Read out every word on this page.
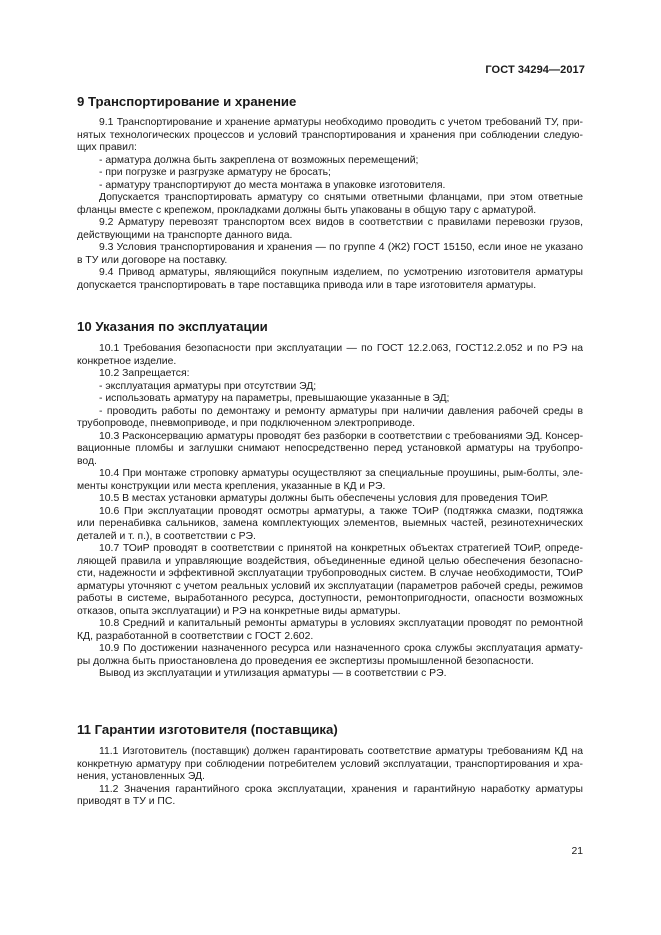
ГОСТ 34294—2017
9 Транспортирование и хранение
9.1 Транспортирование и хранение арматуры необходимо проводить с учетом требований ТУ, при-
нятых технологических процессов и условий транспортирования и хранения при соблюдении следую-
щих правил:
- арматура должна быть закреплена от возможных перемещений;
- при погрузке и разгрузке арматуру не бросать;
- арматуру транспортируют до места монтажа в упаковке изготовителя.
Допускается транспортировать арматуру со снятыми ответными фланцами, при этом ответные
фланцы вместе с крепежом, прокладками должны быть упакованы в общую тару с арматурой.
9.2 Арматуру перевозят транспортом всех видов в соответствии с правилами перевозки грузов,
действующими на транспорте данного вида.
9.3 Условия транспортирования и хранения — по группе 4 (Ж2) ГОСТ 15150, если иное не указано
в ТУ или договоре на поставку.
9.4 Привод арматуры, являющийся покупным изделием, по усмотрению изготовителя арматуры
допускается транспортировать в таре поставщика привода или в таре изготовителя арматуры.
10 Указания по эксплуатации
10.1 Требования безопасности при эксплуатации — по ГОСТ 12.2.063, ГОСТ12.2.052 и по РЭ на
конкретное изделие.
10.2 Запрещается:
- эксплуатация арматуры при отсутствии ЭД;
- использовать арматуру на параметры, превышающие указанные в ЭД;
- проводить работы по демонтажу и ремонту арматуры при наличии давления рабочей среды в
трубопроводе, пневмоприводе, и при подключенном электроприводе.
10.3 Расконсервацию арматуры проводят без разборки в соответствии с требованиями ЭД. Консер-
вационные пломбы и заглушки снимают непосредственно перед установкой арматуры на трубопро-
вод.
10.4 При монтаже строповку арматуры осуществляют за специальные проушины, рым-болты, эле-
менты конструкции или места крепления, указанные в КД и РЭ.
10.5 В местах установки арматуры должны быть обеспечены условия для проведения ТОиР.
10.6 При эксплуатации проводят осмотры арматуры, а также ТОиР (подтяжка смазки, подтяжка
или перенабивка сальников, замена комплектующих элементов, выемных частей, резинотехнических
деталей и т. п.), в соответствии с РЭ.
10.7 ТОиР проводят в соответствии с принятой на конкретных объектах стратегией ТОиР, опреде-
ляющей правила и управляющие воздействия, объединенные единой целью обеспечения безопасно-
сти, надежности и эффективной эксплуатации трубопроводных систем. В случае необходимости, ТОиР
арматуры уточняют с учетом реальных условий их эксплуатации (параметров рабочей среды, режимов
работы в системе, выработанного ресурса, доступности, ремонтопригодности, опасности возможных
отказов, опыта эксплуатации) и РЭ на конкретные виды арматуры.
10.8 Средний и капитальный ремонты арматуры в условиях эксплуатации проводят по ремонтной
КД, разработанной в соответствии с ГОСТ 2.602.
10.9 По достижении назначенного ресурса или назначенного срока службы эксплуатация армату-
ры должна быть приостановлена до проведения ее экспертизы промышленной безопасности.
Вывод из эксплуатации и утилизация арматуры — в соответствии с РЭ.
11 Гарантии изготовителя (поставщика)
11.1 Изготовитель (поставщик) должен гарантировать соответствие арматуры требованиям КД на
конкретную арматуру при соблюдении потребителем условий эксплуатации, транспортирования и хра-
нения, установленных ЭД.
11.2 Значения гарантийного срока эксплуатации, хранения и гарантийную наработку арматуры
приводят в ТУ и ПС.
21
